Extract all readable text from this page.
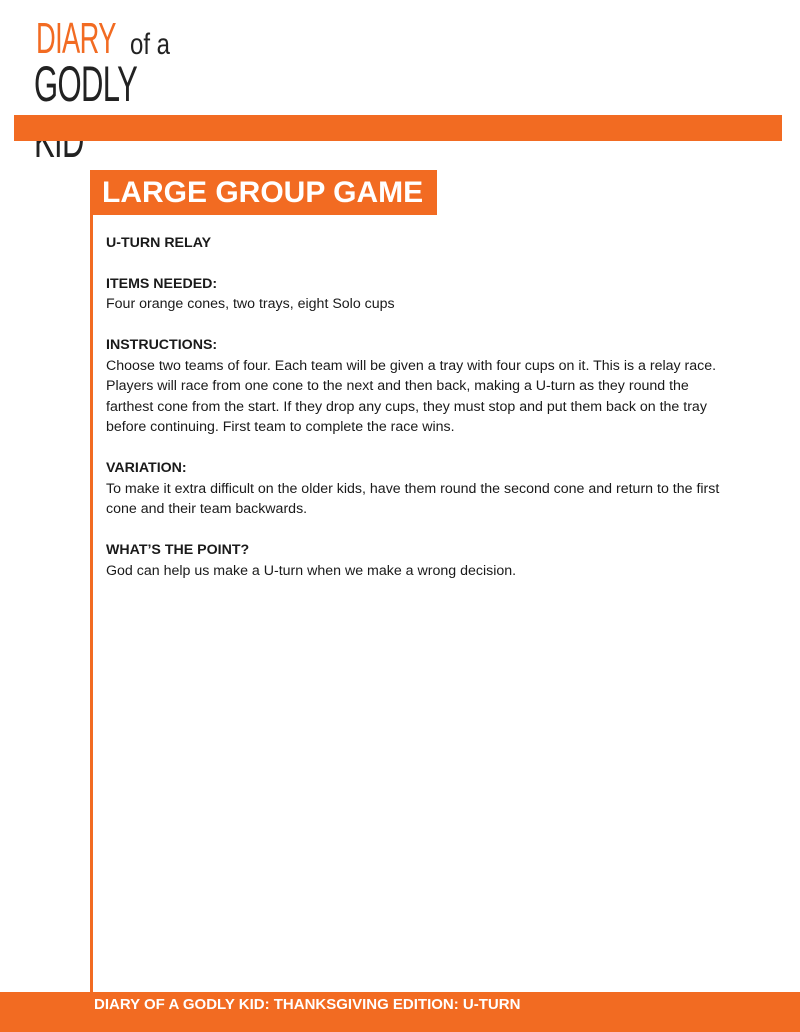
DIARY of a
GODLY
LARGE GROUP GAME
U-TURN RELAY
ITEMS NEEDED:
Four orange cones, two trays, eight Solo cups
INSTRUCTIONS:
Choose two teams of four. Each team will be given a tray with four cups on it. This is a relay race. Players will race from one cone to the next and then back, making a U-turn as they round the farthest cone from the start. If they drop any cups, they must stop and put them back on the tray before continuing. First team to complete the race wins.
VARIATION:
To make it extra difficult on the older kids, have them round the second cone and return to the first cone and their team backwards.
WHAT’S THE POINT?
God can help us make a U-turn when we make a wrong decision.
DIARY OF A GODLY KID: THANKSGIVING EDITION: U-TURN
